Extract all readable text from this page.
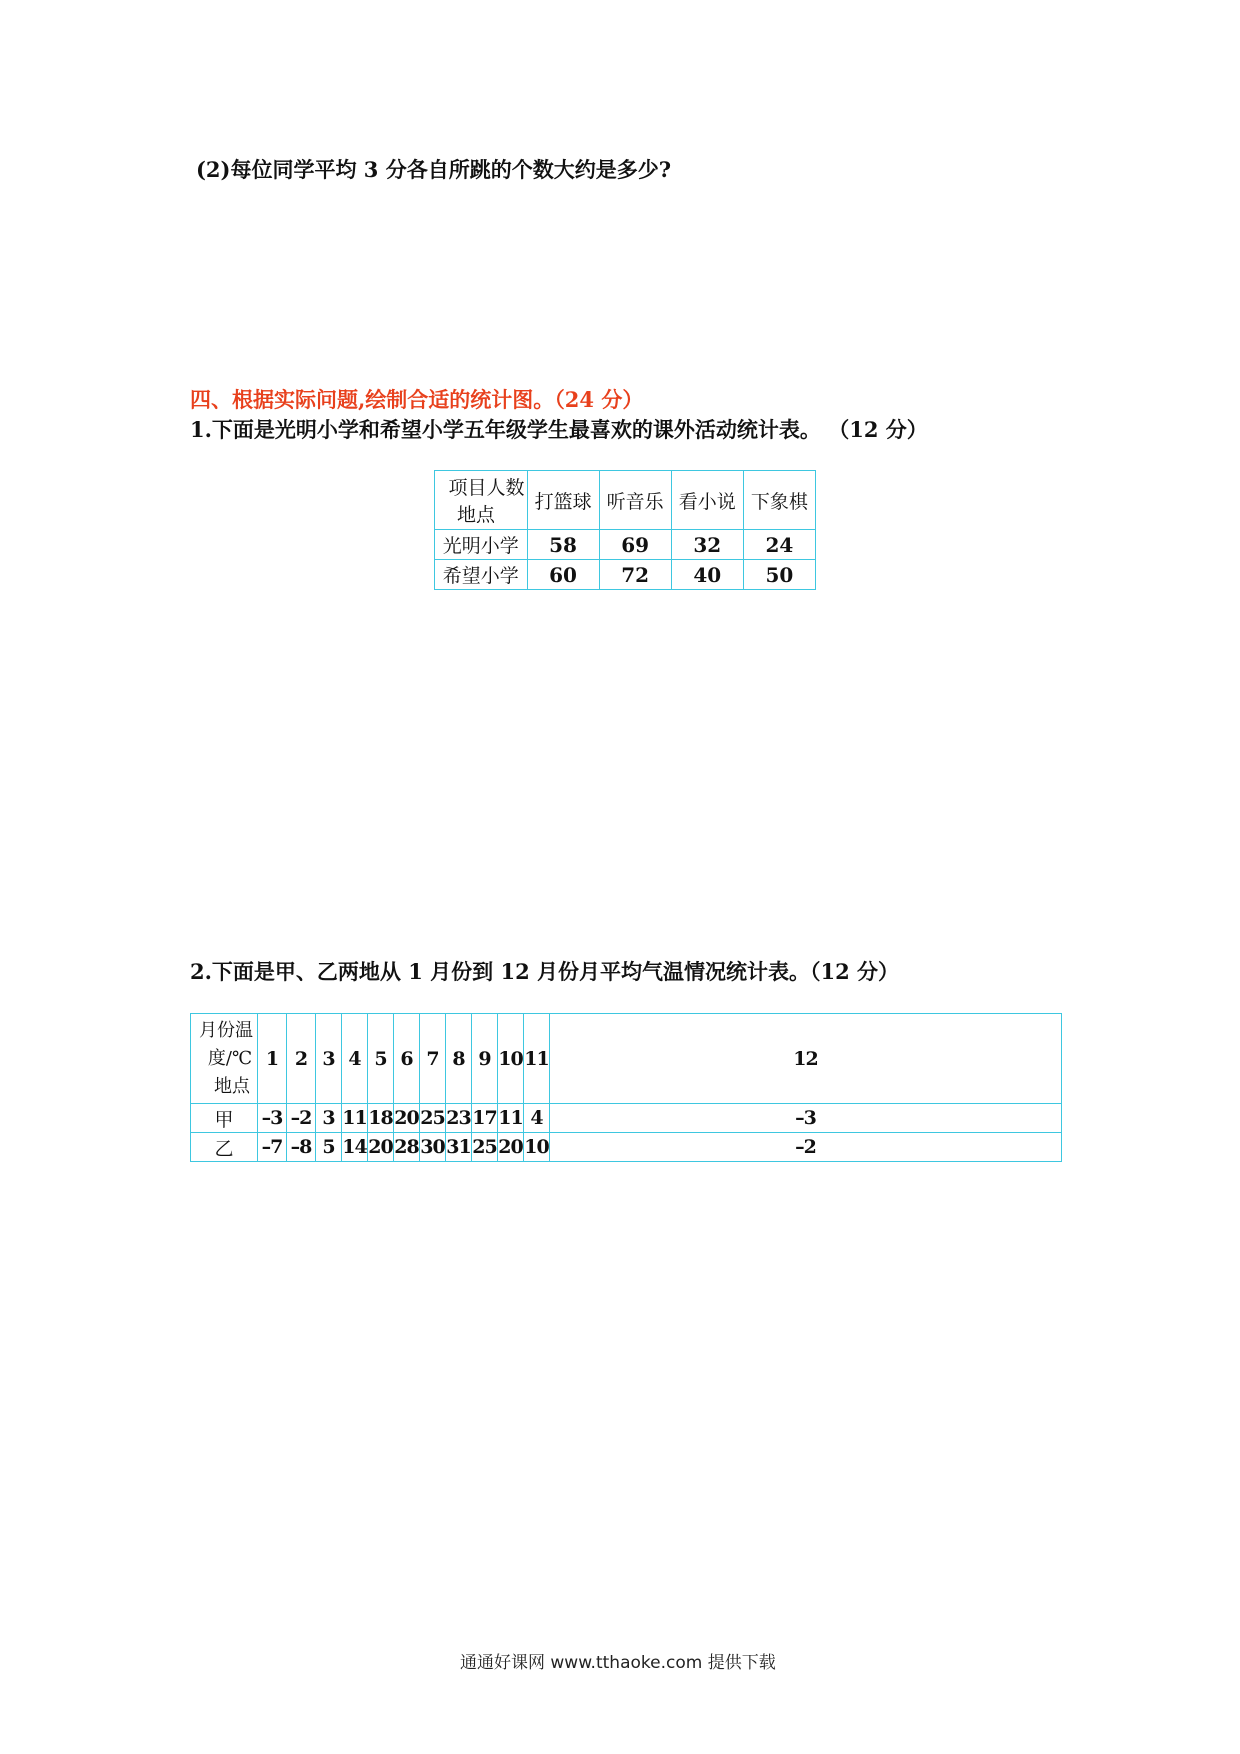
(2)每位同学平均 3 分各自所跳的个数大约是多少?
四、根据实际问题,绘制合适的统计图。（24 分）
1.下面是光明小学和希望小学五年级学生最喜欢的课外活动统计表。 （12 分）
项目人数
地点	打篮球	听音乐	看小说	下象棋
光明小学	58	69	32	24
希望小学	60	72	40	50
2.下面是甲、乙两地从 1 月份到 12 月份月平均气温情况统计表。（12 分）
月份温
度/℃
地点	1	2	3	4	5	6	7	8	9	10	11	12
甲	–3	–2	3	11	18	20	25	23	17	11	4	–3
乙	–7	–8	5	14	20	28	30	31	25	20	10	–2
通通好课网 www.tthaoke.com 提供下载
